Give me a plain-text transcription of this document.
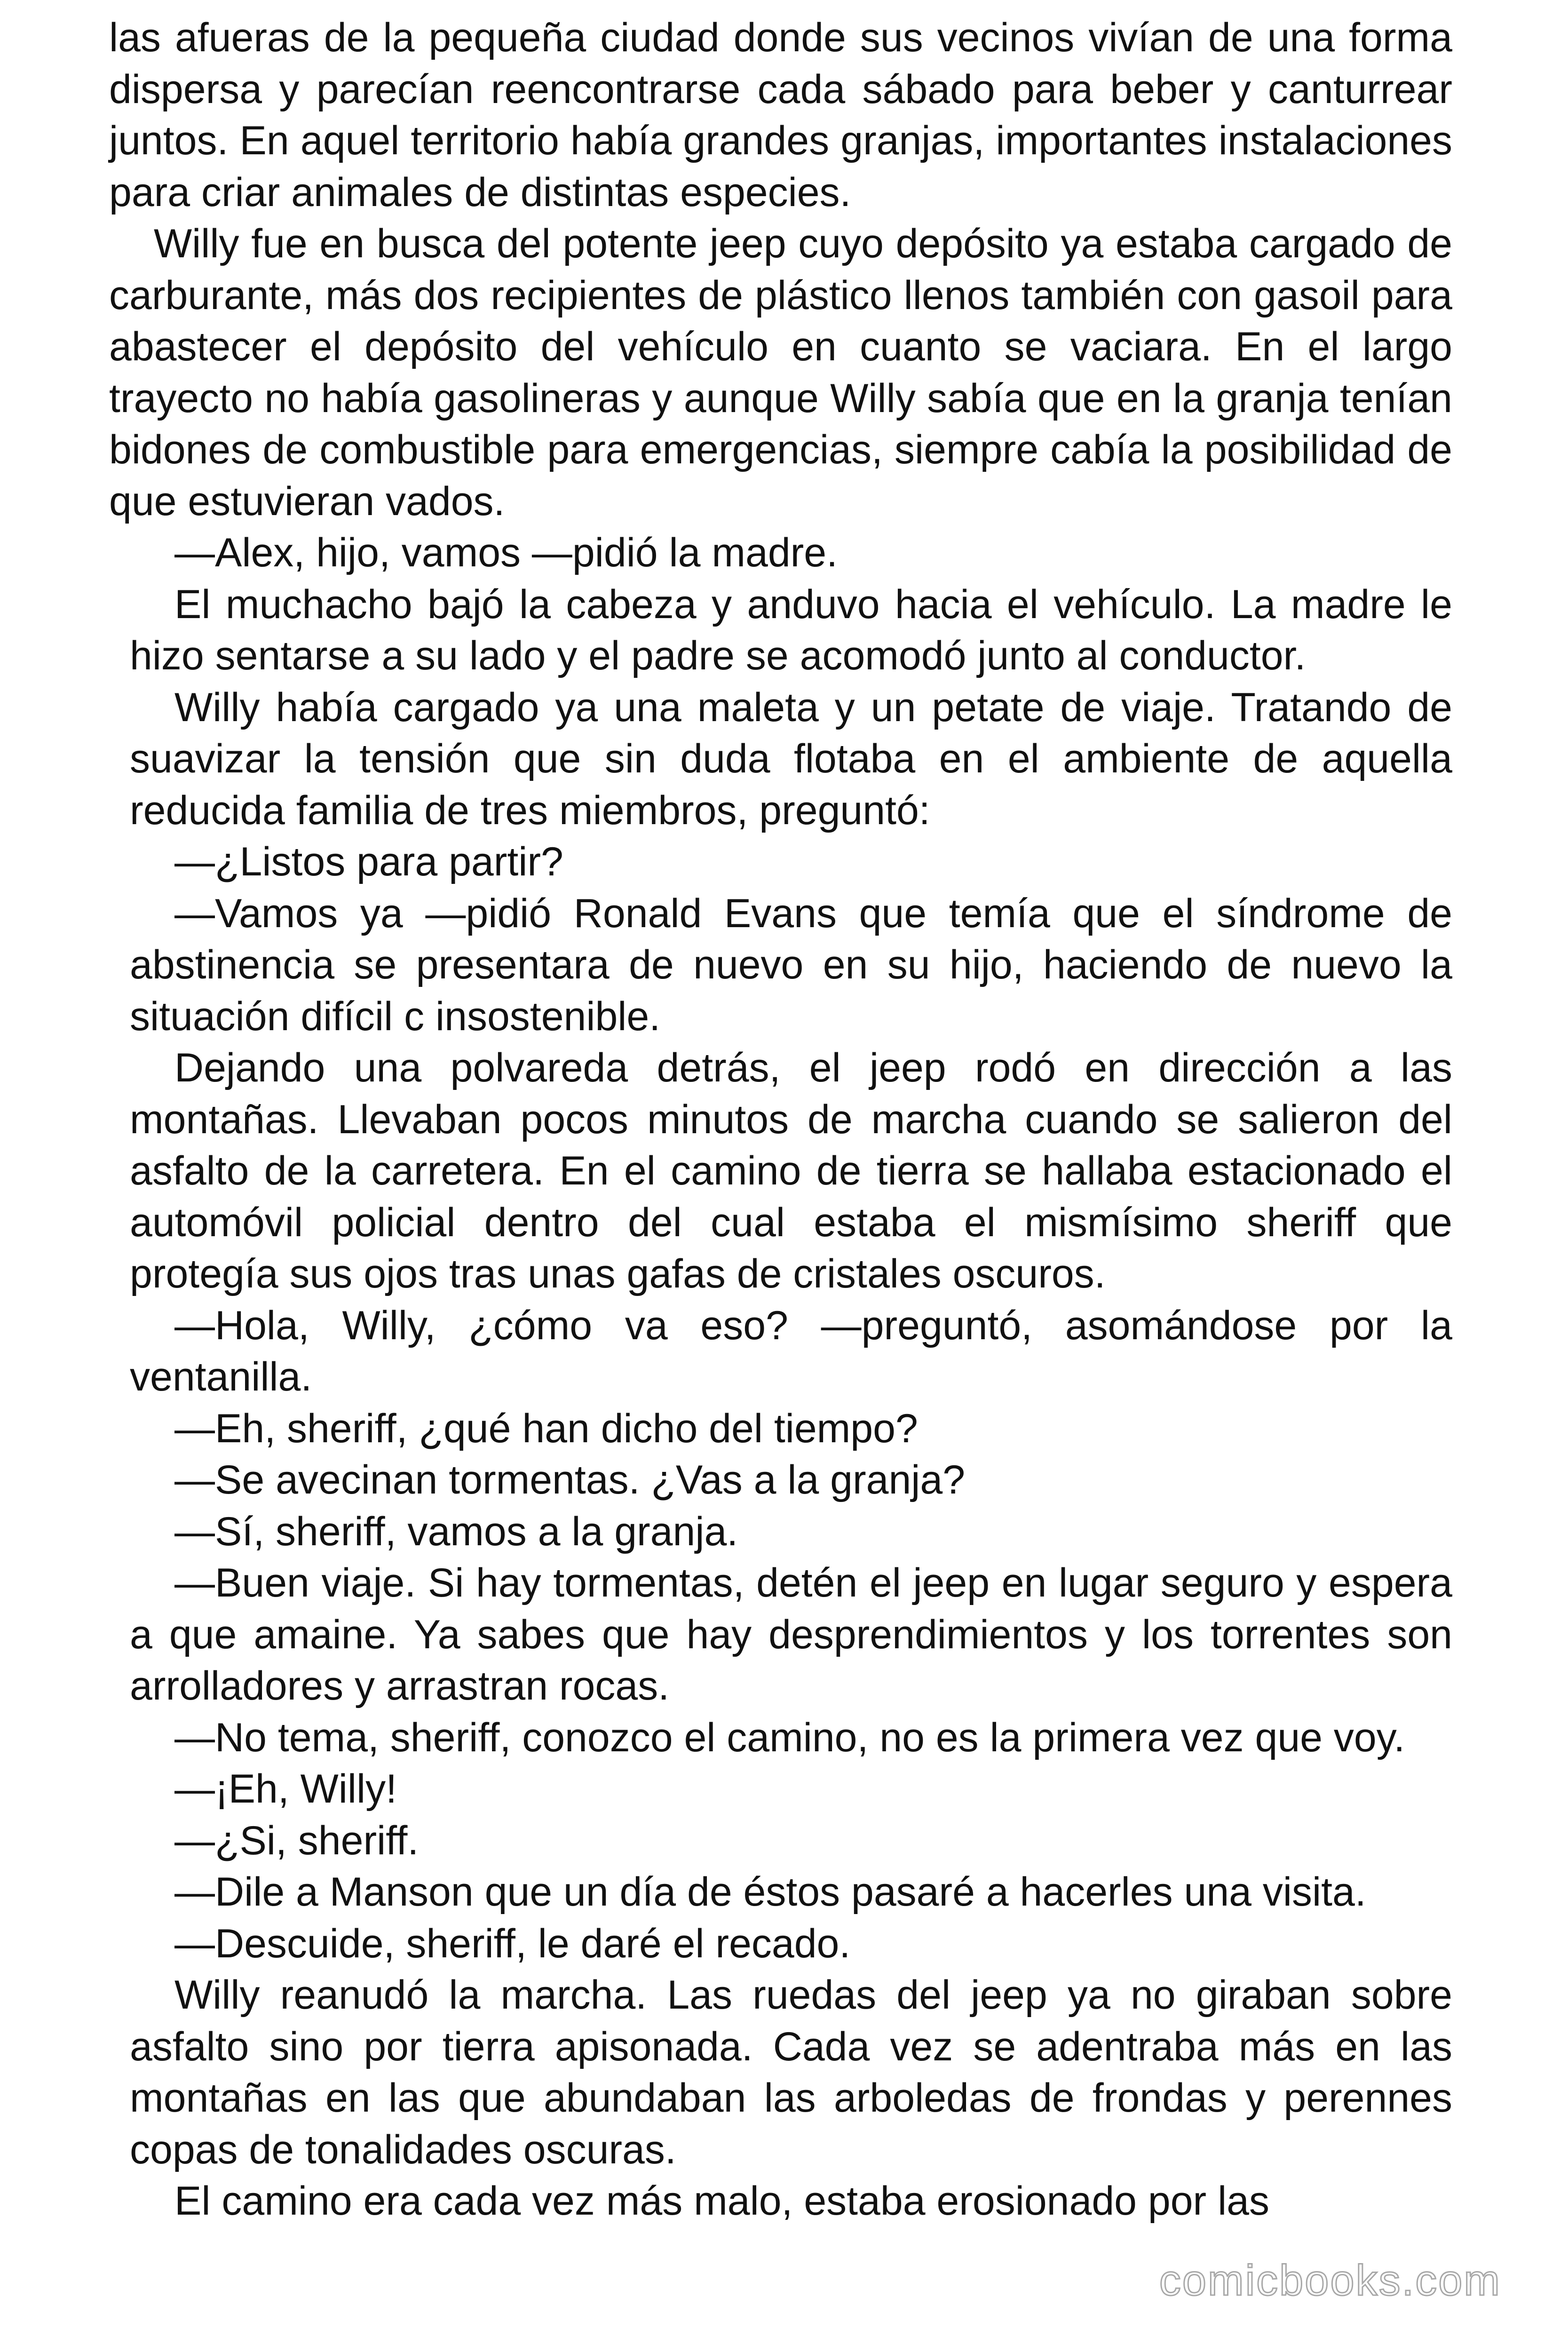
las afueras de la pequeña ciudad donde sus vecinos vivían de una forma dispersa y parecían reencontrarse cada sábado para beber y canturrear juntos. En aquel territorio había grandes granjas, importantes instalaciones para criar animales de distintas especies.

Willy fue en busca del potente jeep cuyo depósito ya estaba cargado de carburante, más dos recipientes de plástico llenos también con gasoil para abastecer el depósito del vehículo en cuanto se vaciara. En el largo trayecto no había gasolineras y aunque Willy sabía que en la granja tenían bidones de combustible para emergencias, siempre cabía la posibilidad de que estuvieran vados.

—Alex, hijo, vamos —pidió la madre.

El muchacho bajó la cabeza y anduvo hacia el vehículo. La madre le hizo sentarse a su lado y el padre se acomodó junto al conductor.

Willy había cargado ya una maleta y un petate de viaje. Tratando de suavizar la tensión que sin duda flotaba en el ambiente de aquella reducida familia de tres miembros, preguntó:

—¿Listos para partir?

—Vamos ya —pidió Ronald Evans que temía que el síndrome de abstinencia se presentara de nuevo en su hijo, haciendo de nuevo la situación difícil c insostenible.

Dejando una polvareda detrás, el jeep rodó en dirección a las montañas. Llevaban pocos minutos de marcha cuando se salieron del asfalto de la carretera. En el camino de tierra se hallaba estacionado el automóvil policial dentro del cual estaba el mismísimo sheriff que protegía sus ojos tras unas gafas de cristales oscuros.

—Hola, Willy, ¿cómo va eso? —preguntó, asomándose por la ventanilla.

—Eh, sheriff, ¿qué han dicho del tiempo?

—Se avecinan tormentas. ¿Vas a la granja?

—Sí, sheriff, vamos a la granja.

—Buen viaje. Si hay tormentas, detén el jeep en lugar seguro y espera a que amaine. Ya sabes que hay desprendimientos y los torrentes son arrolladores y arrastran rocas.

—No tema, sheriff, conozco el camino, no es la primera vez que voy.

—¡Eh, Willy!

—¿Si, sheriff.

—Dile a Manson que un día de éstos pasaré a hacerles una visita.

—Descuide, sheriff, le daré el recado.

Willy reanudó la marcha. Las ruedas del jeep ya no giraban sobre asfalto sino por tierra apisonada. Cada vez se adentraba más en las montañas en las que abundaban las arboledas de frondas y perennes copas de tonalidades oscuras.

El camino era cada vez más malo, estaba erosionado por las

comicbooks.com
